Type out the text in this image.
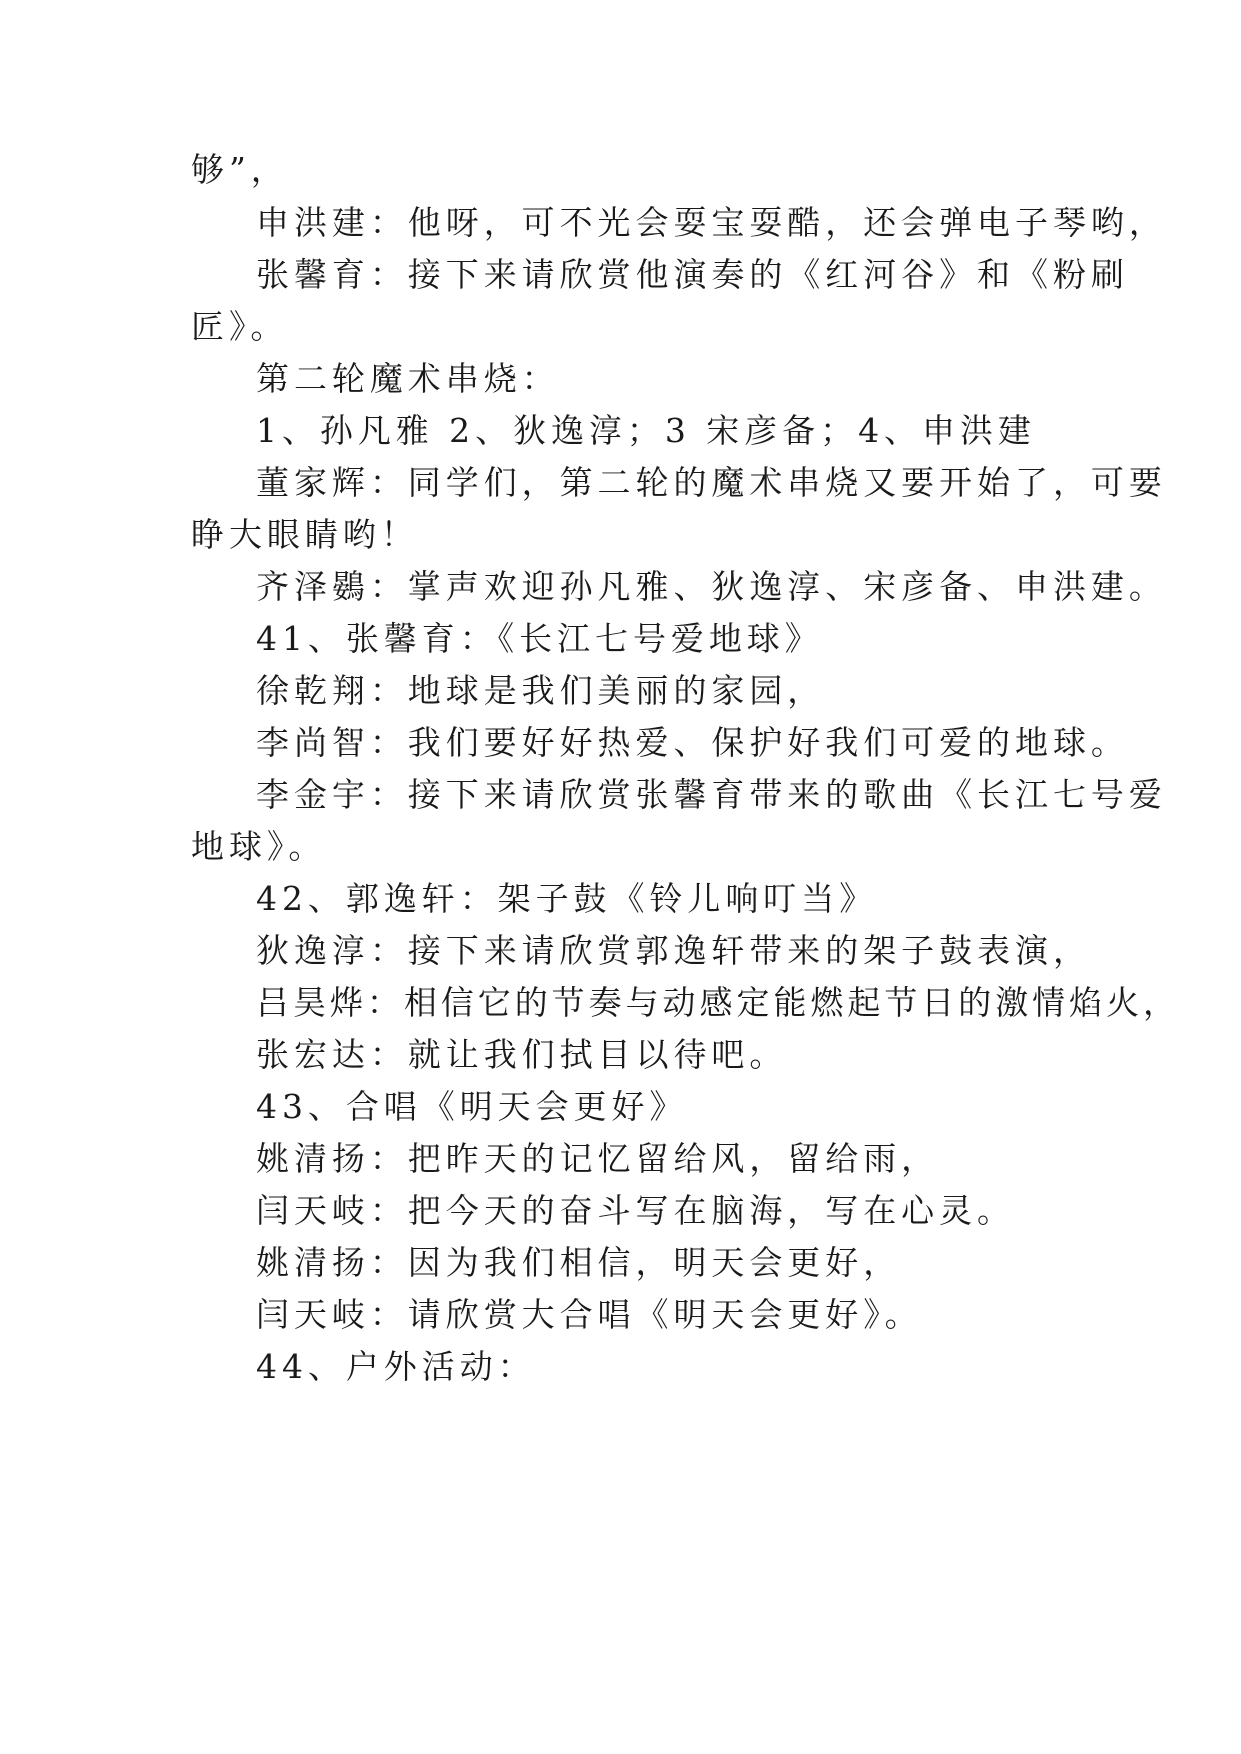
够”，
申洪建：他呀，可不光会耍宝耍酷，还会弹电子琴哟，
张馨育：接下来请欣赏他演奏的《红河谷》和《粉刷
匠》。
第二轮魔术串烧：
1、孙凡雅 2、狄逸淳；3 宋彦备；4、申洪建
董家辉：同学们，第二轮的魔术串烧又要开始了，可要
睁大眼睛哟！
齐泽鷃：掌声欢迎孙凡雅、狄逸淳、宋彦备、申洪建。
41、张馨育：《长江七号爱地球》
徐乾翔：地球是我们美丽的家园，
李尚智：我们要好好热爱、保护好我们可爱的地球。
李金宇：接下来请欣赏张馨育带来的歌曲《长江七号爱
地球》。
42、郭逸轩：架子鼓《铃儿响叮当》
狄逸淳：接下来请欣赏郭逸轩带来的架子鼓表演，
吕昊烨：相信它的节奏与动感定能燃起节日的激情焰火，
张宏达：就让我们拭目以待吧。
43、合唱《明天会更好》
姚清扬：把昨天的记忆留给风，留给雨，
闫天岐：把今天的奋斗写在脑海，写在心灵。
姚清扬：因为我们相信，明天会更好，
闫天岐：请欣赏大合唱《明天会更好》。
44、户外活动：
